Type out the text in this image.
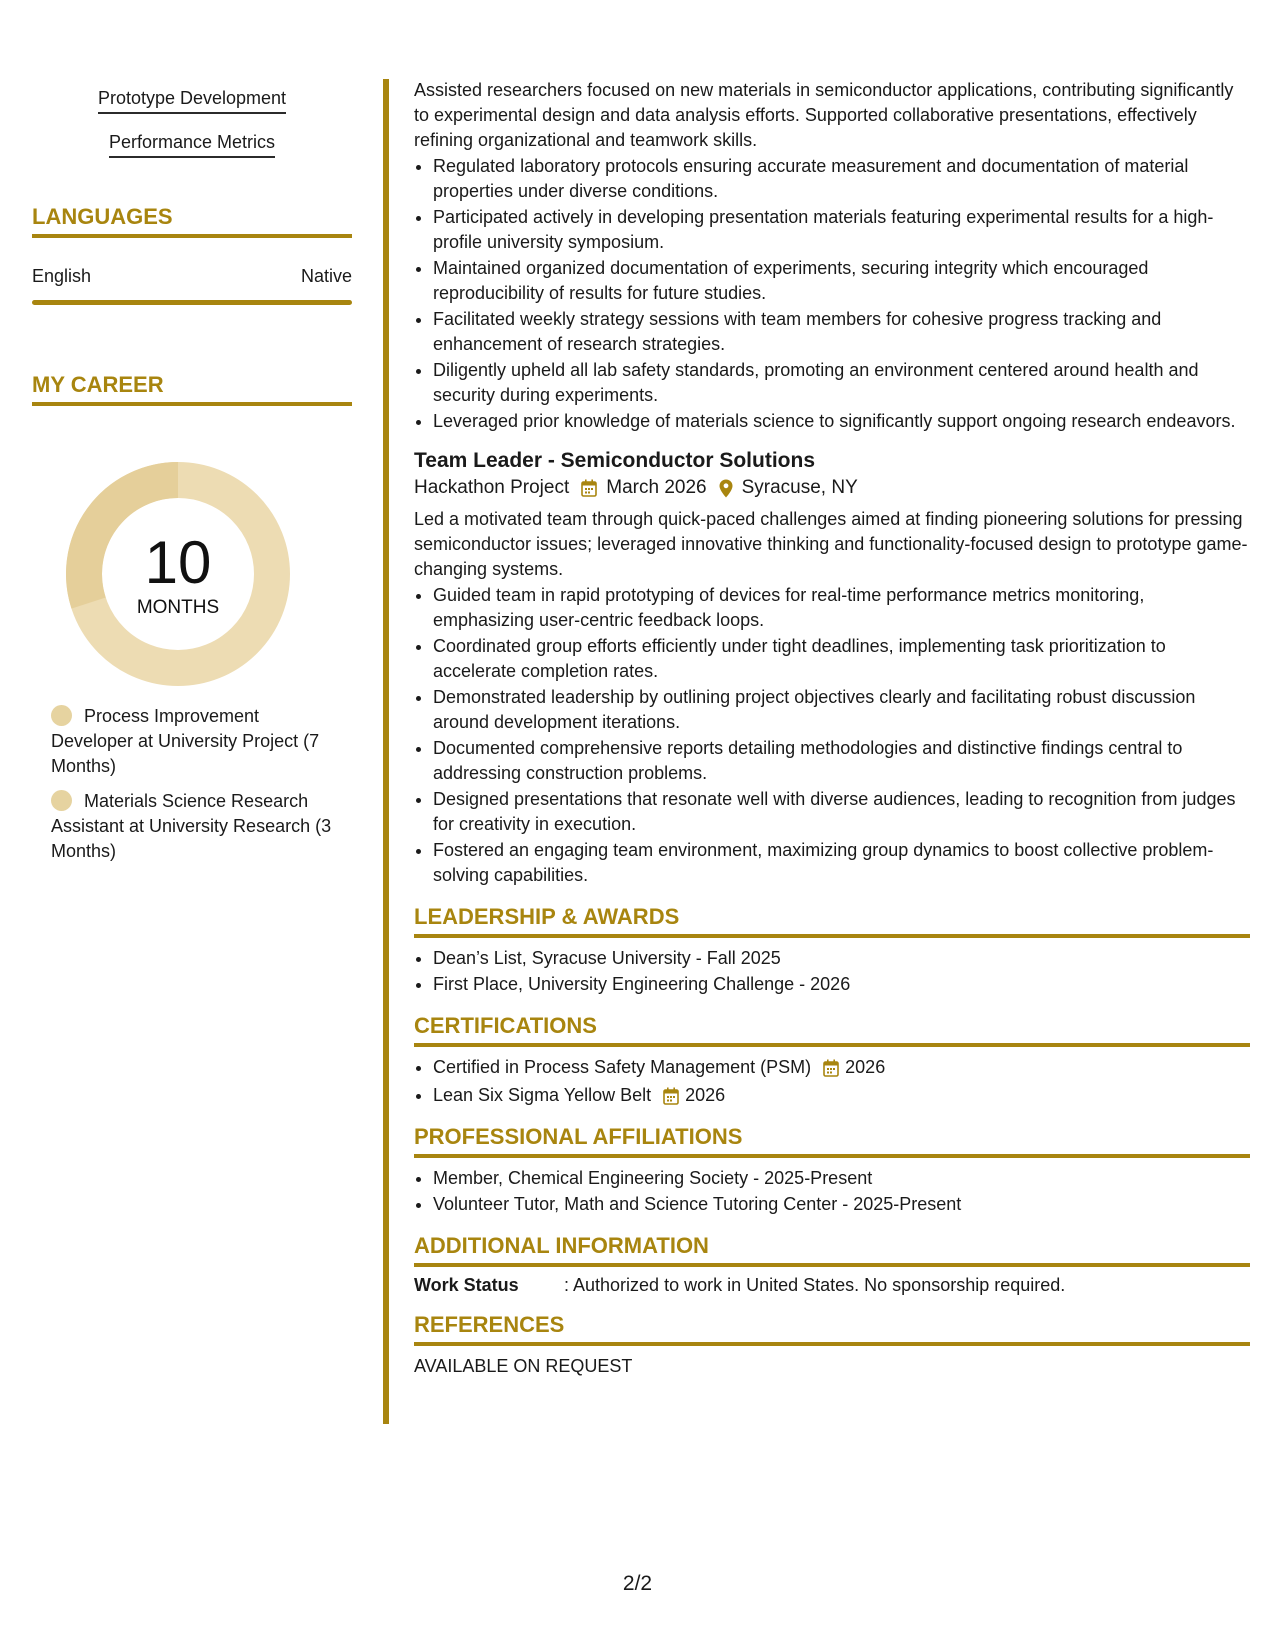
Prototype Development
Performance Metrics
LANGUAGES
English	Native
MY CAREER
10
MONTHS
Process Improvement Developer at University Project (7 Months)
Materials Science Research Assistant at University Research (3 Months)

Assisted researchers focused on new materials in semiconductor applications, contributing significantly to experimental design and data analysis efforts. Supported collaborative presentations, effectively refining organizational and teamwork skills.

• Regulated laboratory protocols ensuring accurate measurement and documentation of material properties under diverse conditions.
• Participated actively in developing presentation materials featuring experimental results for a high-profile university symposium.
• Maintained organized documentation of experiments, securing integrity which encouraged reproducibility of results for future studies.
• Facilitated weekly strategy sessions with team members for cohesive progress tracking and enhancement of research strategies.
• Diligently upheld all lab safety standards, promoting an environment centered around health and security during experiments.
• Leveraged prior knowledge of materials science to significantly support ongoing research endeavors.
Team Leader - Semiconductor Solutions
Hackathon Project March 2026 Syracuse, NY

Led a motivated team through quick-paced challenges aimed at finding pioneering solutions for pressing semiconductor issues; leveraged innovative thinking and functionality-focused design to prototype game-changing systems.

• Guided team in rapid prototyping of devices for real-time performance metrics monitoring, emphasizing user-centric feedback loops.
• Coordinated group efforts efficiently under tight deadlines, implementing task prioritization to accelerate completion rates.
• Demonstrated leadership by outlining project objectives clearly and facilitating robust discussion around development iterations.
• Documented comprehensive reports detailing methodologies and distinctive findings central to addressing construction problems.
• Designed presentations that resonate well with diverse audiences, leading to recognition from judges for creativity in execution.
• Fostered an engaging team environment, maximizing group dynamics to boost collective problem-solving capabilities.
LEADERSHIP & AWARDS
• Dean’s List, Syracuse University - Fall 2025
• First Place, University Engineering Challenge - 2026
CERTIFICATIONS
• Certified in Process Safety Management (PSM) 2026
• Lean Six Sigma Yellow Belt 2026
PROFESSIONAL AFFILIATIONS
• Member, Chemical Engineering Society - 2025-Present
• Volunteer Tutor, Math and Science Tutoring Center - 2025-Present
ADDITIONAL INFORMATION
Work Status	: Authorized to work in United States. No sponsorship required.
REFERENCES
AVAILABLE ON REQUEST
2/2
